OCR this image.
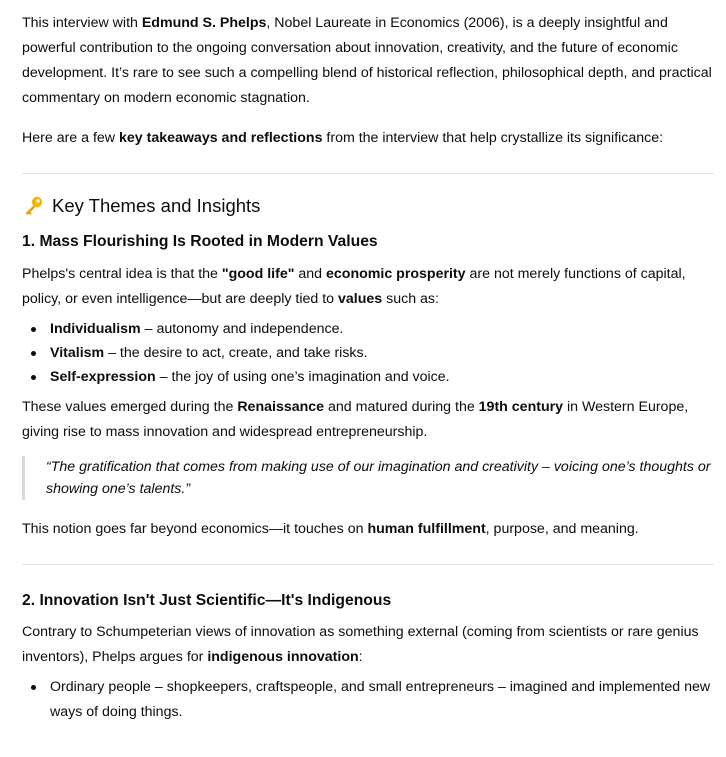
This interview with Edmund S. Phelps, Nobel Laureate in Economics (2006), is a deeply insightful and powerful contribution to the ongoing conversation about innovation, creativity, and the future of economic development. It’s rare to see such a compelling blend of historical reflection, philosophical depth, and practical commentary on modern economic stagnation.

Here are a few key takeaways and reflections from the interview that help crystallize its significance:

Key Themes and Insights
1. Mass Flourishing Is Rooted in Modern Values

Phelps's central idea is that the "good life" and economic prosperity are not merely functions of capital, policy, or even intelligence—but are deeply tied to values such as:

Individualism – autonomy and independence.
Vitalism – the desire to act, create, and take risks.
Self-expression – the joy of using one’s imagination and voice.

These values emerged during the Renaissance and matured during the 19th century in Western Europe, giving rise to mass innovation and widespread entrepreneurship.

“The gratification that comes from making use of our imagination and creativity – voicing one’s thoughts or showing one’s talents.”

This notion goes far beyond economics—it touches on human fulfillment, purpose, and meaning.

2. Innovation Isn't Just Scientific—It's Indigenous

Contrary to Schumpeterian views of innovation as something external (coming from scientists or rare genius inventors), Phelps argues for indigenous innovation:

Ordinary people – shopkeepers, craftspeople, and small entrepreneurs – imagined and implemented new ways of doing things.
